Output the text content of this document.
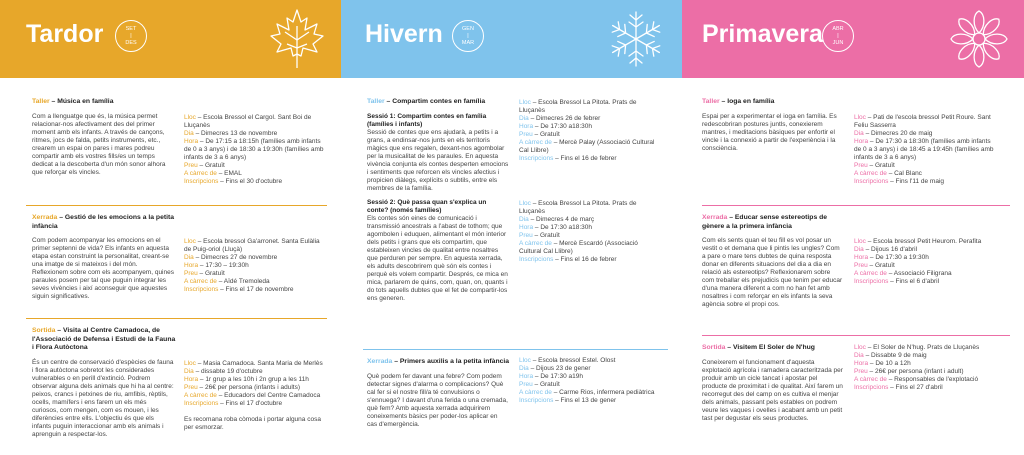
Tardor	SET
|
DES
Taller – Música en família

Com a llenguatge que és, la música permet relacionar-nos afectivament des del primer moment amb els infants. A través de cançons, ritmes, jocs de falda, petits instruments, etc., crearem un espai on pares i mares podreu compartir amb els vostres fills/es un temps dedicat a la descoberta d'un món sonor alhora que reforçar els vincles.

Lloc – Escola Bressol el Cargol. Sant Boi de Lluçanès
Dia – Dimecres 13 de novembre
Hora – De 17:15 a 18:15h (famílies amb infants de 0 a 3 anys) i de 18:30 a 19:30h (famílies amb infants de 3 a 6 anys)
Preu – Gratuït
A càrrec de – EMAL
Inscripcions – Fins el 30 d'octubre
Xerrada – Gestió de les emocions a la petita infància

Com podem acompanyar les emocions en el primer septenni de vida? Els infants en aquesta etapa estan construint la personalitat, creant-se una imatge de si mateixos i del món. Reflexionem sobre com els acompanyem, quines paraules posem per tal que puguin integrar les seves vivències i així aconseguir que aquestes siguin significatives.

Lloc – Escola bressol Ga'arronet. Santa Eulàlia de Puig-oriol (Lluçà)
Dia – Dimecres 27 de novembre
Hora – 17:30 – 19:30h
Preu – Gratuït
A càrrec de – Aïdé Tremoleda
Inscripcions – Fins el 17 de novembre
Sortida – Visita al Centre Camadoca, de l'Associació de Defensa i Estudi de la Fauna i Flora Autòctona

És un centre de conservació d'espècies de fauna i flora autòctona sobretot les considerades vulnerables o en perill d'extinció. Podrem observar alguna dels animals que hi ha al centre: peixos, crancs i petxines de riu, amfibis, rèptils, ocells, mamífers i ens farem un els més curiosos, com mengen, com es mouen, i les diferències entre ells. L'objectiu és que els infants puguin interaccionar amb els animals i aprenguin a respectar-los.

Lloc – Masia Camadoca. Santa Maria de Merlès
Dia – dissabte 19 d'octubre
Hora – 1r grup a les 10h i 2n grup a les 11h
Preu – 26€ per persona (infants i adults)
A càrrec de – Educadors del Centre Camadoca
Inscripcions – Fins el 17 d'octubre
Es recomana roba còmoda i portar alguna cosa per esmorzar.
Hivern	GEN
|
MAR
Taller – Compartim contes en família

Sessió 1: Compartim contes en família (famílies i infants)

Sessió de contes que ens ajudarà, a petits i a grans, a endinsar-nos junts en els territoris màgics que ens regalen, dexant-nos agombolar per la musicalitat de les paraules. En aquesta vivència conjunta els contes desperten emocions i sentiments que reforcen els vincles afectius i propicien diàlegs, explícits o subtils, entre els membres de la família.

Lloc – Escola Bressol La Pitota. Prats de Lluçanès
Dia – Dimecres 26 de febrer
Hora – De 17:30 a18:30h
Preu – Gratuït
A càrrec de – Mercè Palay (Associació Cultural Cal Llibre)
Inscripcions – Fins el 16 de febrer

Sessió 2: Què passa quan s'explica un conte? (només famílies)

Els contes són eines de comunicació i transmissió ancestrals a l'abast de tothom; que agombolen i eduquen, alimentant el món interior dels petits i grans que els compartim, que estableixen vincles de qualitat entre nosaltres que perduren per sempre. En aquesta xerrada, els adults descobrirem què són els contes i perquè els volem compartir. Després, ce mica en mica, parlarem de quins, com, quan, on, quants i do tots aquells dubtes que el fet de compartir-los ens generen.

Lloc – Escola Bressol La Pitota. Prats de Lluçanès
Dia – Dimecres 4 de març
Hora – De 17:30 a18:30h
Preu – Gratuït
A càrrec de – Mercè Escardó (Associació Cultural Cal Llibre)
Inscripcions – Fins el 16 de febrer
Xerrada – Primers auxilis a la petita infància

Què podem fer davant una febre? Com podem detectar signes d'alarma o complicacions? Què cal fer si el nostre fill/a té convulsions o s'ennuega? I davant d'una ferida o una cremada, què fem? Amb aquesta xerrada adquirirem coneixements bàsics per poder-los aplicar en cas d'emergència.

Lloc – Escola bressol Estel. Olost
Dia – Dijous 23 de gener
Hora – De 17:30 a19h
Preu – Gratuït
A càrrec de – Carme Rios, infermera pediàtrica
Inscripcions – Fins el 13 de gener
Primavera	ABR
|
JUN
Taller – Ioga en família

Espai per a experimentar el ioga en família. Es redescobriran postures juntls, conexierem mantres, i meditacions bàsiques per enfortir el vincle i la connexió a partir de l'experiència i la consciència.

Lloc – Pati de l'escola bressol Petit Roure. Sant Feliu Sasserra
Dia – Dimecres 20 de maig
Hora – De 17:30 a 18:30h (famílies amb infants de 0 a 3 anys) i de 18:45 a 19:45h (famílies amb infants de 3 a 6 anys)
Preu – Gratuït
A càrrec de – Cal Blanc
Inscripcions – Fins l'11 de maig
Xerrada – Educar sense estereotips de gènere a la primera infància

Com els sents quan el teu fill es vol posar un vestit o et demana que li pintis les ungles? Com a pare o mare tens dubtes de quina resposta donar en diferents situacions del dia a dia en relació als estereotips? Reflexionarem sobre com treballar els prejudicis que tenim per educar d'una manera diferent a com no han fet amb nosaltres i com reforçar en els infants la seva agència sobre el propi cos.

Lloc – Escola bressol Petit Heurom. Perafita
Dia – Dijous 16 d'abril
Hora – De 17:30 a 19:30h
Preu – Gratuït
A càrrec de – Associació Filigrana
Inscripcions – Fins el 6 d'abril
Sortida – Visitem El Soler de N'hug

Coneixerem el funcionament d'aquesta explotació agrícola i ramadera caracteritzada per produir amb un cicle tancat i apostar pel producte de proximitat i de qualitat. Així farem un recorregut des del camp on es cultiva el menjar dels animals, passant pels estables on podrem veure les vaques i ovelles i acabant amb un petit tast per degustar els seus productes.

Lloc – El Soler de N'hug. Prats de Lluçanès
Dia – Dissabte 9 de maig
Hora – De 10 a 12h
Preu – 26€ per persona (infant i adult)
A càrrec de – Responsables de l'explotació
Inscripcions – Fins el 27 d'abril
